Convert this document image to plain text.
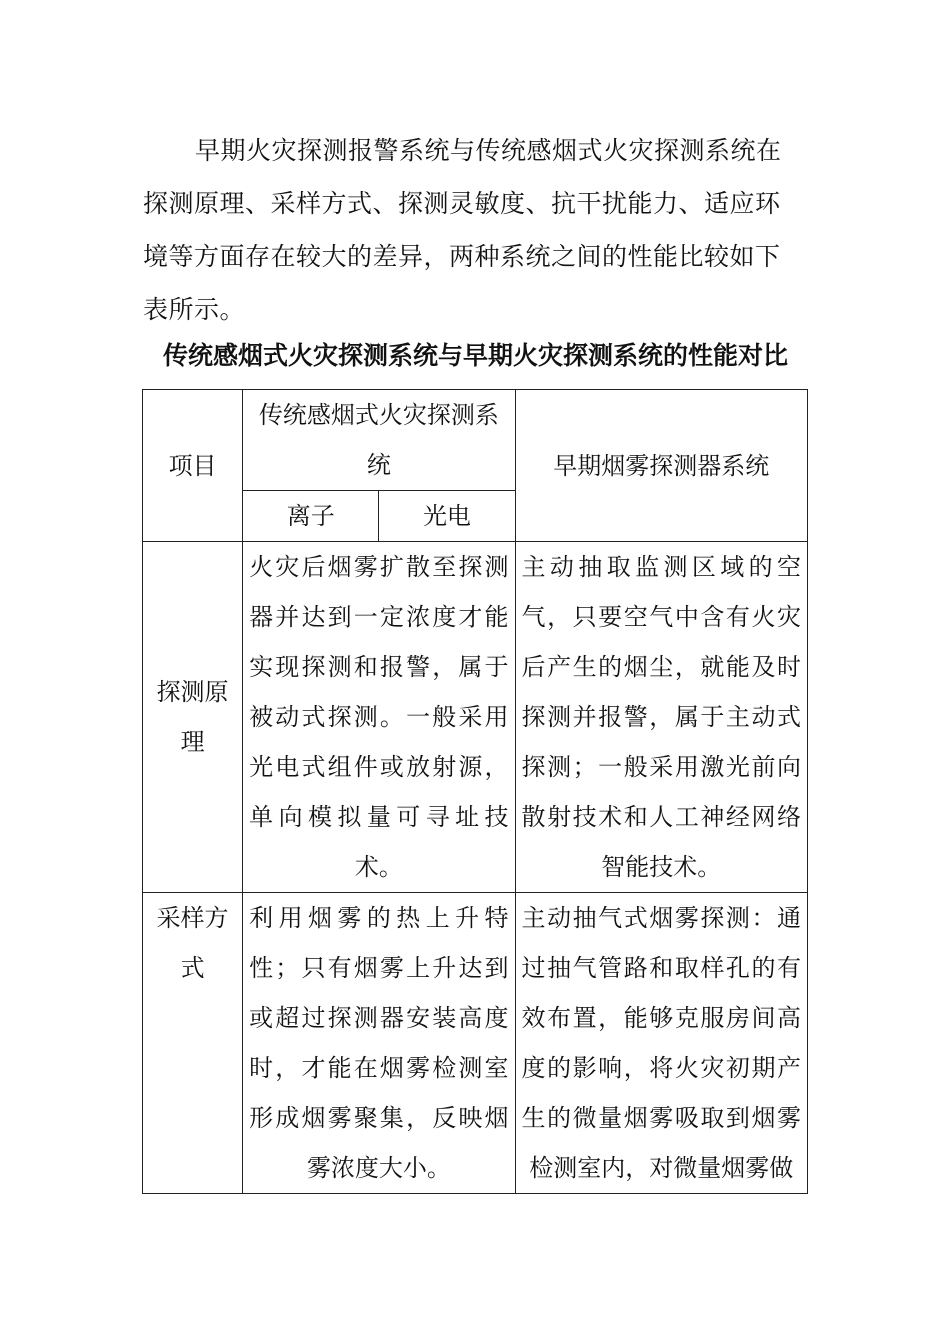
早期火灾探测报警系统与传统感烟式火灾探测系统在探测原理、采样方式、探测灵敏度、抗干扰能力、适应环境等方面存在较大的差异，两种系统之间的性能比较如下表所示。

传统感烟式火灾探测系统与早期火灾探测系统的性能对比

项目	传统感烟式火灾探测系统		早期烟雾探测器系统

	离子	光电	

探测原理	火灾后烟雾扩散至探测器并达到一定浓度才能实现探测和报警，属于被动式探测。一般采用光电式组件或放射源，单向模拟量可寻址技术。		主动抽取监测区域的空气，只要空气中含有火灾后产生的烟尘，就能及时探测并报警，属于主动式探测；一般采用激光前向散射技术和人工神经网络智能技术。

采样方式	利用烟雾的热上升特性；只有烟雾上升达到或超过探测器安装高度时，才能在烟雾检测室形成烟雾聚集，反映烟雾浓度大小。		主动抽气式烟雾探测：通过抽气管路和取样孔的有效布置，能够克服房间高度的影响，将火灾初期产生的微量烟雾吸取到烟雾检测室内，对微量烟雾做
